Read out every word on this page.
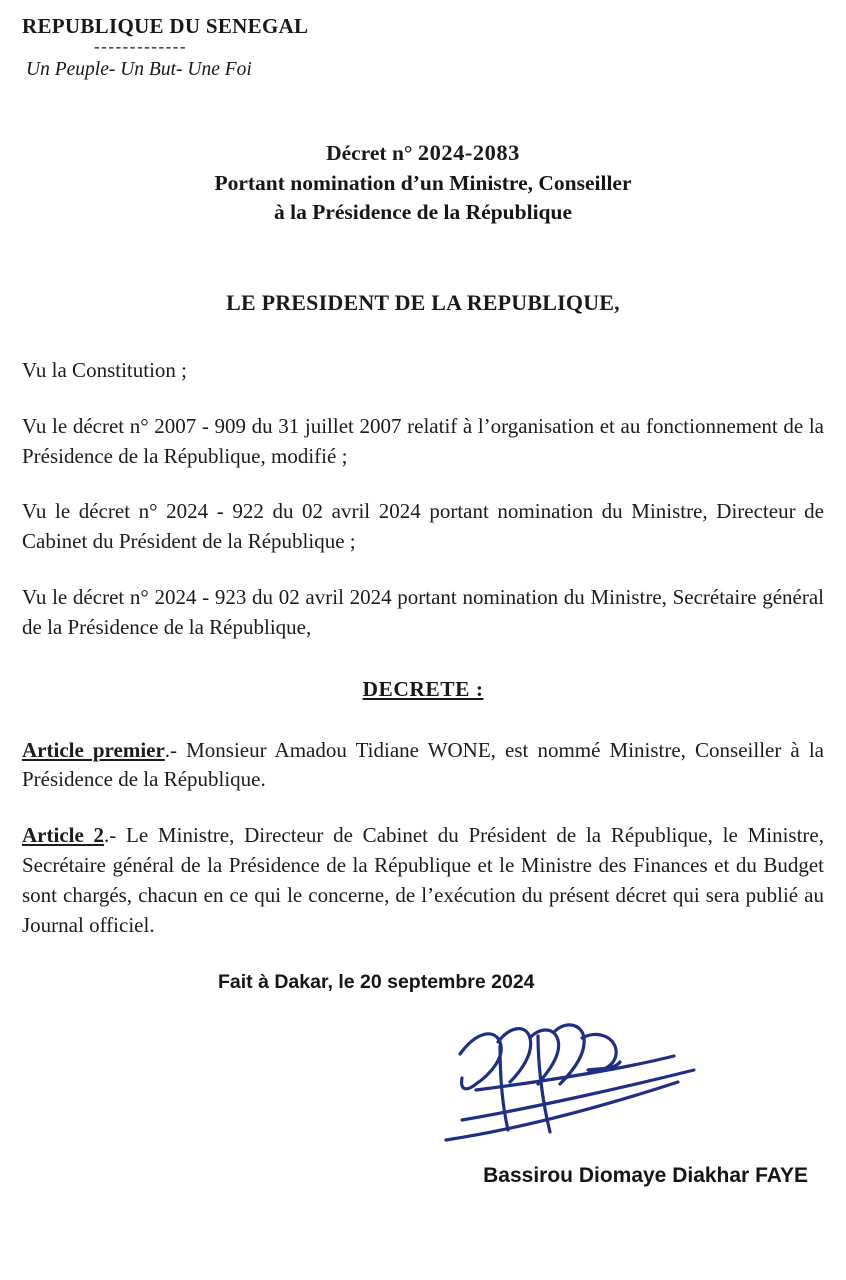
REPUBLIQUE DU SENEGAL
-------------
Un Peuple- Un But- Une Foi
Décret n° 2024-2083
Portant nomination d’un Ministre, Conseiller
à la Présidence de la République
LE PRESIDENT DE LA REPUBLIQUE,

Vu la Constitution ;

Vu le décret n° 2007 - 909 du 31 juillet 2007 relatif à l’organisation et au fonctionnement de la Présidence de la République, modifié ;

Vu le décret n° 2024 - 922 du 02 avril 2024 portant nomination du Ministre, Directeur de Cabinet du Président de la République ;

Vu le décret n° 2024 - 923 du 02 avril 2024 portant nomination du Ministre, Secrétaire général de la Présidence de la République,

DECRETE :

Article premier.- Monsieur Amadou Tidiane WONE, est nommé Ministre, Conseiller à la Présidence de la République.

Article 2.- Le Ministre, Directeur de Cabinet du Président de la République, le Ministre, Secrétaire général de la Présidence de la République et le Ministre des Finances et du Budget sont chargés, chacun en ce qui le concerne, de l’exécution du présent décret qui sera publié au Journal officiel.

Fait à Dakar, le 20 septembre 2024
Bassirou Diomaye Diakhar FAYE
